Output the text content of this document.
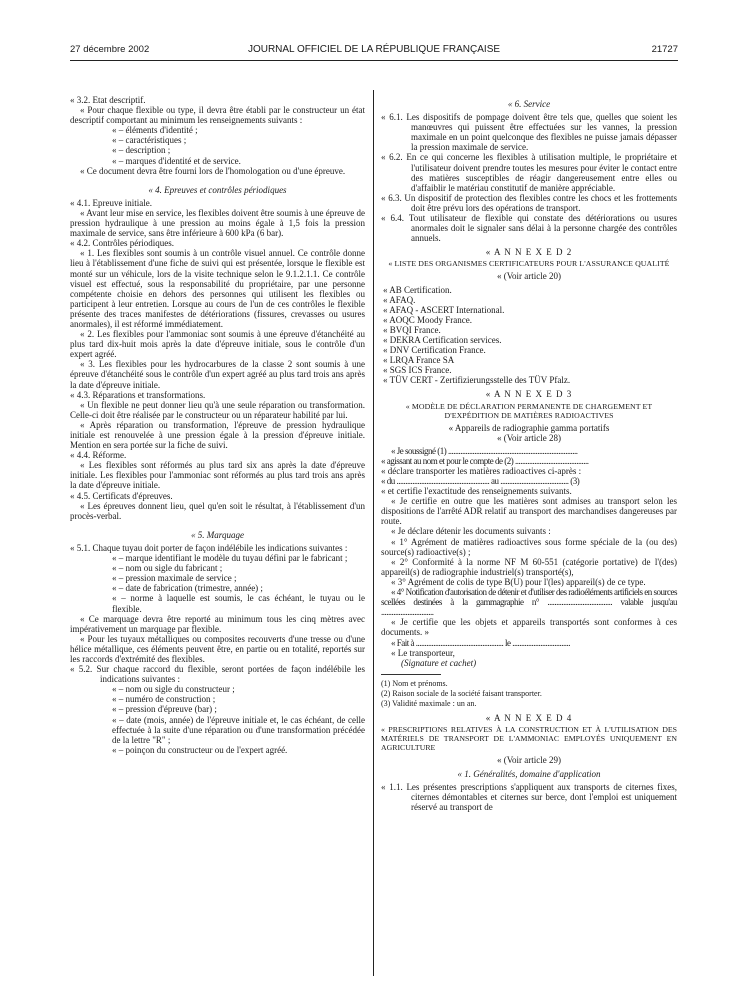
27 décembre 2002	JOURNAL OFFICIEL DE LA RÉPUBLIQUE FRANÇAISE	21727

« 3.2. Etat descriptif.

« Pour chaque flexible ou type, il devra être établi par le constructeur un état descriptif comportant au minimum les renseignements suivants :

« – éléments d'identité ;

« – caractéristiques ;

« – description ;

« – marques d'identité et de service.

« Ce document devra être fourni lors de l'homologation ou d'une épreuve.

« 4. Epreuves et contrôles périodiques

« 4.1. Epreuve initiale.

« Avant leur mise en service, les flexibles doivent être soumis à une épreuve de pression hydraulique à une pression au moins égale à 1,5 fois la pression maximale de service, sans être inférieure à 600 kPa (6 bar).

« 4.2. Contrôles périodiques.

« 1. Les flexibles sont soumis à un contrôle visuel annuel. Ce contrôle donne lieu à l'établissement d'une fiche de suivi qui est présentée, lorsque le flexible est monté sur un véhicule, lors de la visite technique selon le 9.1.2.1.1. Ce contrôle visuel est effectué, sous la responsabilité du propriétaire, par une personne compétente choisie en dehors des personnes qui utilisent les flexibles ou participent à leur entretien. Lorsque au cours de l'un de ces contrôles le flexible présente des traces manifestes de détériorations (fissures, crevasses ou usures anormales), il est réformé immédiatement.

« 2. Les flexibles pour l'ammoniac sont soumis à une épreuve d'étanchéité au plus tard dix-huit mois après la date d'épreuve initiale, sous le contrôle d'un expert agréé.

« 3. Les flexibles pour les hydrocarbures de la classe 2 sont soumis à une épreuve d'étanchéité sous le contrôle d'un expert agréé au plus tard trois ans après la date d'épreuve initiale.

« 4.3. Réparations et transformations.

« Un flexible ne peut donner lieu qu'à une seule réparation ou transformation. Celle-ci doit être réalisée par le constructeur ou un réparateur habilité par lui.

« Après réparation ou transformation, l'épreuve de pression hydraulique initiale est renouvelée à une pression égale à la pression d'épreuve initiale. Mention en sera portée sur la fiche de suivi.

« 4.4. Réforme.

« Les flexibles sont réformés au plus tard six ans après la date d'épreuve initiale. Les flexibles pour l'ammoniac sont réformés au plus tard trois ans après la date d'épreuve initiale.

« 4.5. Certificats d'épreuves.

« Les épreuves donnent lieu, quel qu'en soit le résultat, à l'établissement d'un procès-verbal.

« 5. Marquage

« 5.1. Chaque tuyau doit porter de façon indélébile les indications suivantes :

« – marque identifiant le modèle du tuyau défini par le fabricant ;

« – nom ou sigle du fabricant ;

« – pression maximale de service ;

« – date de fabrication (trimestre, année) ;

« – norme à laquelle est soumis, le cas échéant, le tuyau ou le flexible.

« Ce marquage devra être reporté au minimum tous les cinq mètres avec impérativement un marquage par flexible.

« Pour les tuyaux métalliques ou composites recouverts d'une tresse ou d'une hélice métallique, ces éléments peuvent être, en partie ou en totalité, reportés sur les raccords d'extrémité des flexibles.

« 5.2. Sur chaque raccord du flexible, seront portées de façon indélébile les indications suivantes :

« – nom ou sigle du constructeur ;

« – numéro de construction ;

« – pression d'épreuve (bar) ;

« – date (mois, année) de l'épreuve initiale et, le cas échéant, de celle effectuée à la suite d'une réparation ou d'une transformation précédée de la lettre "R" ;

« – poinçon du constructeur ou de l'expert agréé.

« 6. Service

« 6.1. Les dispositifs de pompage doivent être tels que, quelles que soient les manœuvres qui puissent être effectuées sur les vannes, la pression maximale en un point quelconque des flexibles ne puisse jamais dépasser la pression maximale de service.

« 6.2. En ce qui concerne les flexibles à utilisation multiple, le propriétaire et l'utilisateur doivent prendre toutes les mesures pour éviter le contact entre des matières susceptibles de réagir dangereusement entre elles ou d'affaiblir le matériau constitutif de manière appréciable.

« 6.3. Un dispositif de protection des flexibles contre les chocs et les frottements doit être prévu lors des opérations de transport.

« 6.4. Tout utilisateur de flexible qui constate des détériorations ou usures anormales doit le signaler sans délai à la personne chargée des contrôles annuels.

« A N N E X E D 2

« LISTE DES ORGANISMES CERTIFICATEURS POUR L'ASSURANCE QUALITÉ

« (Voir article 20)

« AB Certification.

« AFAQ.

« AFAQ - ASCERT International.

« AOQC Moody France.

« BVQI France.

« DEKRA Certification services.

« DNV Certification France.

« LRQA France SA

« SGS ICS France.

« TÜV CERT - Zertifizierungsstelle des TÜV Pfalz.

« A N N E X E D 3

« MODÈLE DE DÉCLARATION PERMANENTE DE CHARGEMENT ET D'EXPÉDITION DE MATIÈRES RADIOACTIVES

« Appareils de radiographie gamma portatifs

« (Voir article 28)

« Je soussigné (1) ..........................................................................

« agissant au nom et pour le compte de (2) ..........................................

« déclare transporter les matières radioactives ci-après :

« du ..................................................... au ....................................... (3)

« et certifie l'exactitude des renseignements suivants.

« Je certifie en outre que les matières sont admises au transport selon les dispositions de l'arrêté ADR relatif au transport des marchandises dangereuses par route.

« Je déclare détenir les documents suivants :

« 1° Agrément de matières radioactives sous forme spéciale de la (ou des) source(s) radioactive(s) ;

« 2° Conformité à la norme NF M 60-551 (catégorie portative) de l'(des) appareil(s) de radiographie industriel(s) transporté(s),

« 3° Agrément de colis de type B(U) pour l'(les) appareil(s) de ce type.

« 4° Notification d'autorisation de détenir et d'utiliser des radioéléments artificiels en sources scellées destinées à la gammagraphie n° ..................................... valable jusqu'au ..............................

« Je certifie que les objets et appareils transportés sont conformes à ces documents. »

« Fait à .................................................. le .................................

« Le transporteur,

(Signature et cachet)

(1) Nom et prénoms.

(2) Raison sociale de la société faisant transporter.

(3) Validité maximale : un an.

« A N N E X E D 4

« PRESCRIPTIONS RELATIVES À LA CONSTRUCTION ET À L'UTILISATION DES MATÉRIELS DE TRANSPORT DE L'AMMONIAC EMPLOYÉS UNIQUEMENT EN AGRICULTURE

« (Voir article 29)

« 1. Généralités, domaine d'application

« 1.1. Les présentes prescriptions s'appliquent aux transports de citernes fixes, citernes démontables et citernes sur berce, dont l'emploi est uniquement réservé au transport de
